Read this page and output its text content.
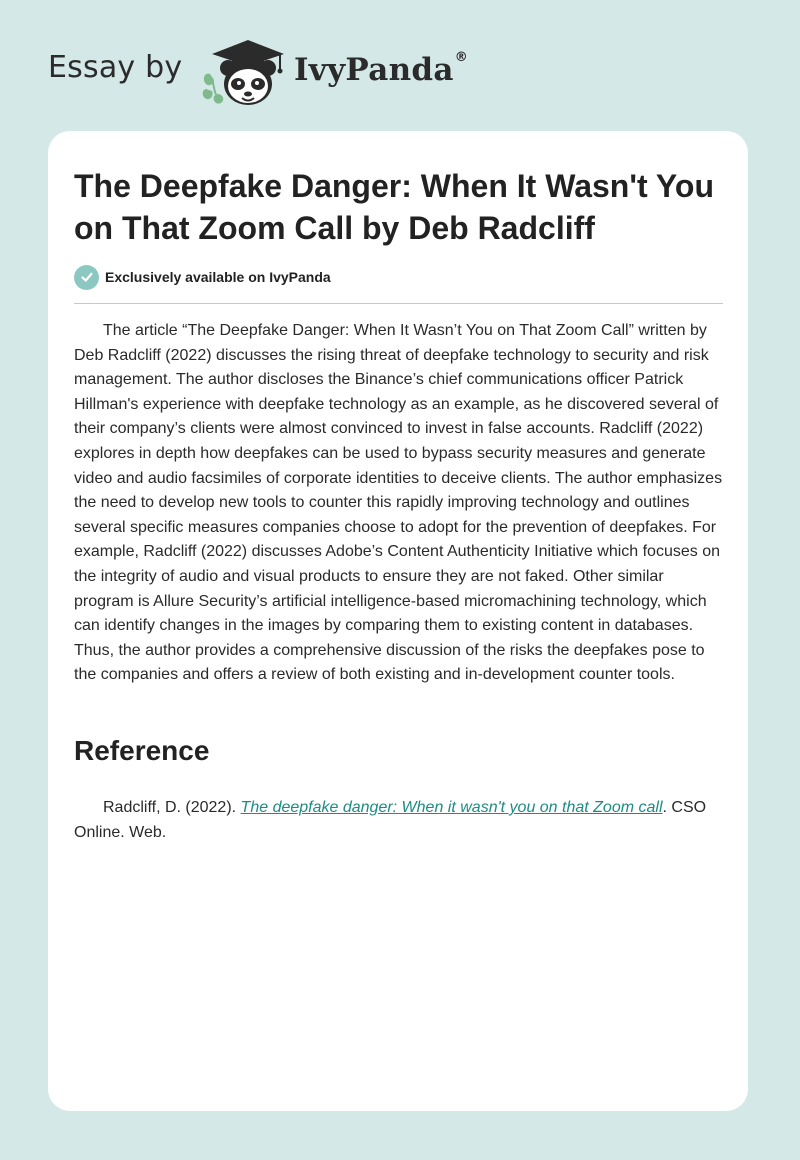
Essay by	IvyPanda®
The Deepfake Danger: When It Wasn't You on That Zoom Call by Deb Radcliff
Exclusively available on IvyPanda

The article “The Deepfake Danger: When It Wasn’t You on That Zoom Call” written by Deb Radcliff (2022) discusses the rising threat of deepfake technology to security and risk management. The author discloses the Binance’s chief communications officer Patrick Hillman's experience with deepfake technology as an example, as he discovered several of their company’s clients were almost convinced to invest in false accounts. Radcliff (2022) explores in depth how deepfakes can be used to bypass security measures and generate video and audio facsimiles of corporate identities to deceive clients. The author emphasizes the need to develop new tools to counter this rapidly improving technology and outlines several specific measures companies choose to adopt for the prevention of deepfakes. For example, Radcliff (2022) discusses Adobe’s Content Authenticity Initiative which focuses on the integrity of audio and visual products to ensure they are not faked. Other similar program is Allure Security’s artificial intelligence-based micromachining technology, which can identify changes in the images by comparing them to existing content in databases. Thus, the author provides a comprehensive discussion of the risks the deepfakes pose to the companies and offers a review of both existing and in-development counter tools.

Reference

Radcliff, D. (2022). The deepfake danger: When it wasn't you on that Zoom call. CSO Online. Web.
